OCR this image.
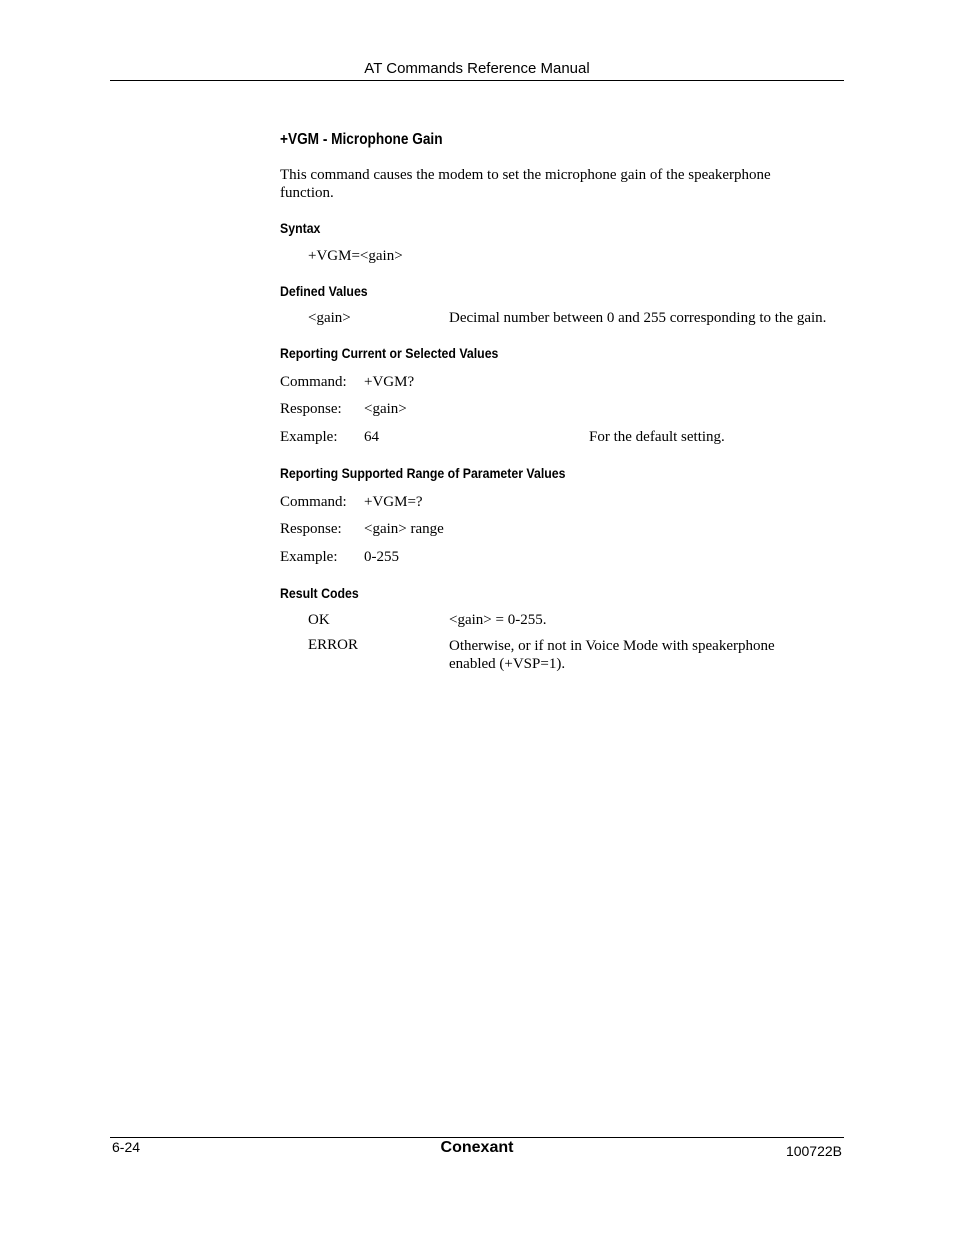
AT Commands Reference Manual
+VGM - Microphone Gain
This command causes the modem to set the microphone gain of the speakerphone
function.
Syntax
+VGM=<gain>
Defined Values
<gain>	Decimal number between 0 and 255 corresponding to the gain.
Reporting Current or Selected Values
Command: +VGM?
Response: <gain>
Example: 64	For the default setting.
Reporting Supported Range of Parameter Values
Command: +VGM=?
Response: <gain> range
Example: 0-255
Result Codes
OK	<gain> = 0-255.
ERROR	Otherwise, or if not in Voice Mode with speakerphone
enabled (+VSP=1).
6-24	Conexant	100722B
